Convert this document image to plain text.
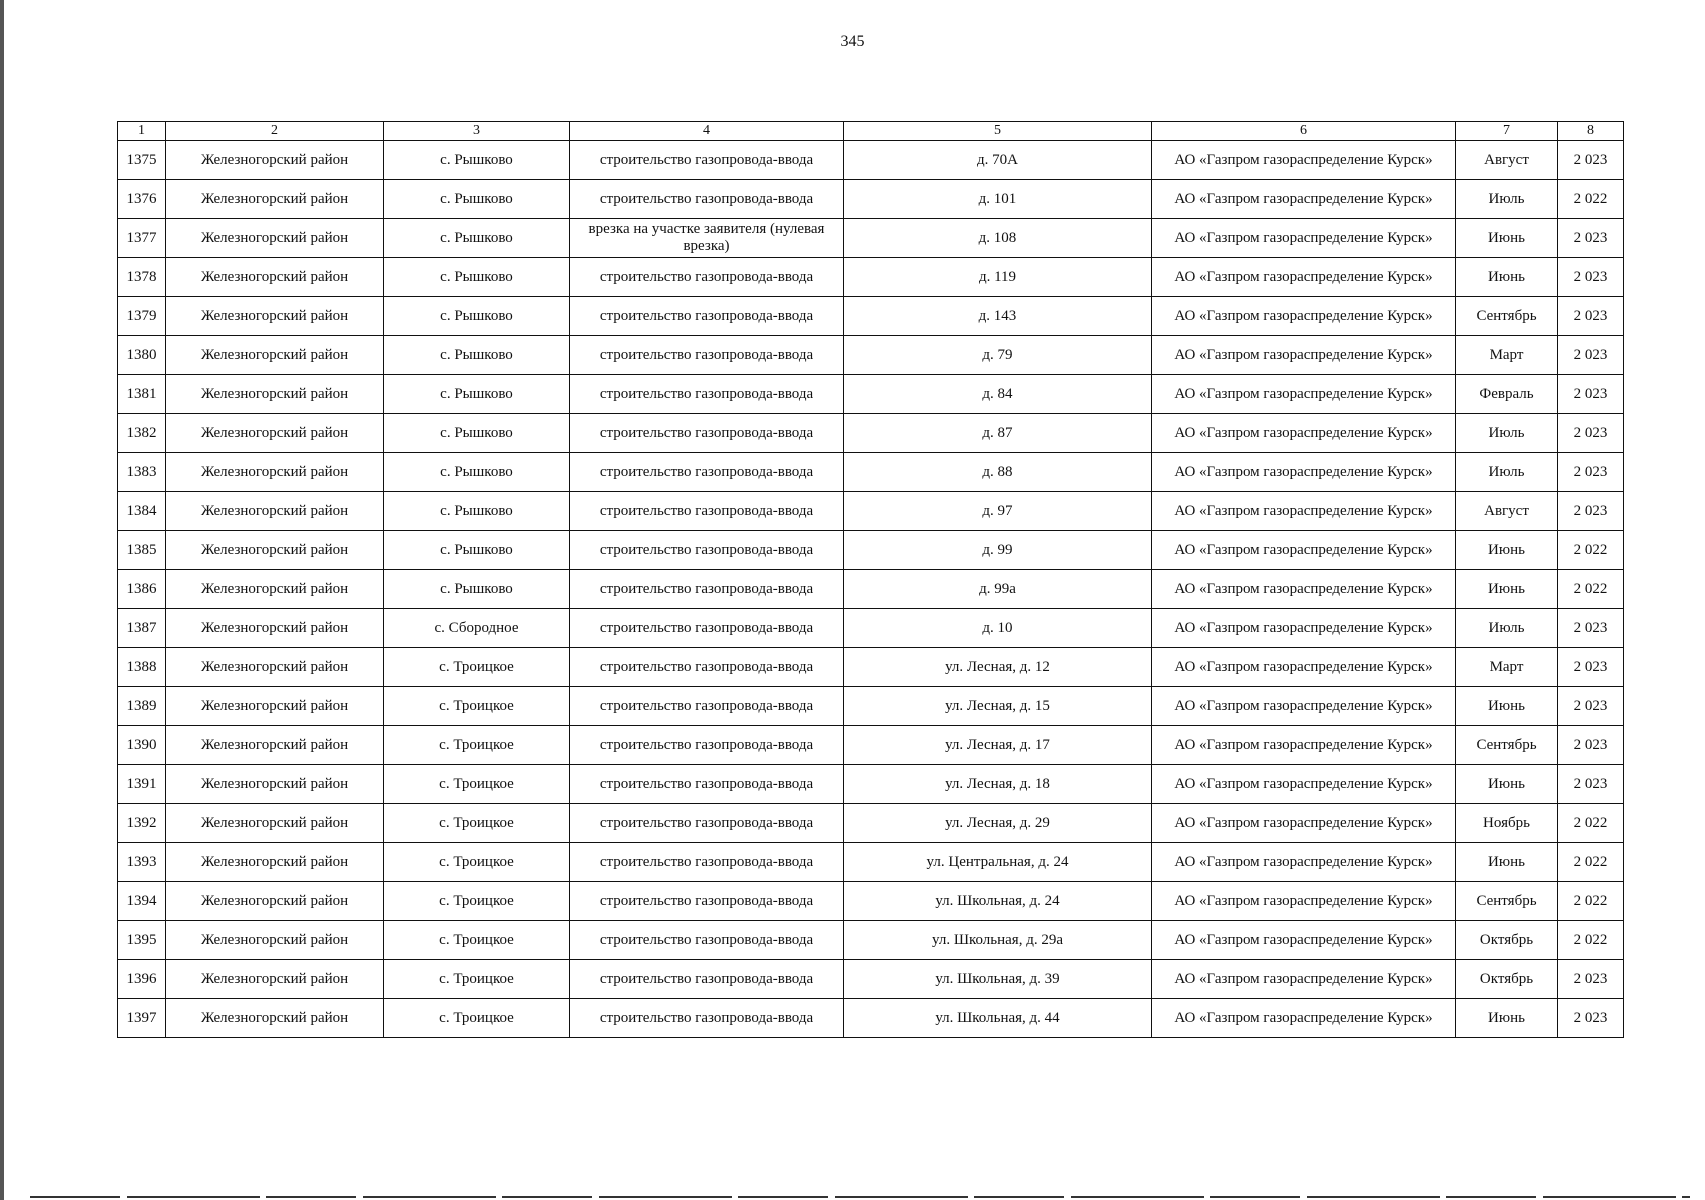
345
1	2	3	4	5	6	7	8
1375	Железногорский район	с. Рышково	строительство газопровода-ввода	д. 70А	АО «Газпром газораспределение Курск»	Август	2 023
1376	Железногорский район	с. Рышково	строительство газопровода-ввода	д. 101	АО «Газпром газораспределение Курск»	Июль	2 022
1377	Железногорский район	с. Рышково	врезка на участке заявителя (нулевая врезка)	д. 108	АО «Газпром газораспределение Курск»	Июнь	2 023
1378	Железногорский район	с. Рышково	строительство газопровода-ввода	д. 119	АО «Газпром газораспределение Курск»	Июнь	2 023
1379	Железногорский район	с. Рышково	строительство газопровода-ввода	д. 143	АО «Газпром газораспределение Курск»	Сентябрь	2 023
1380	Железногорский район	с. Рышково	строительство газопровода-ввода	д. 79	АО «Газпром газораспределение Курск»	Март	2 023
1381	Железногорский район	с. Рышково	строительство газопровода-ввода	д. 84	АО «Газпром газораспределение Курск»	Февраль	2 023
1382	Железногорский район	с. Рышково	строительство газопровода-ввода	д. 87	АО «Газпром газораспределение Курск»	Июль	2 023
1383	Железногорский район	с. Рышково	строительство газопровода-ввода	д. 88	АО «Газпром газораспределение Курск»	Июль	2 023
1384	Железногорский район	с. Рышково	строительство газопровода-ввода	д. 97	АО «Газпром газораспределение Курск»	Август	2 023
1385	Железногорский район	с. Рышково	строительство газопровода-ввода	д. 99	АО «Газпром газораспределение Курск»	Июнь	2 022
1386	Железногорский район	с. Рышково	строительство газопровода-ввода	д. 99а	АО «Газпром газораспределение Курск»	Июнь	2 022
1387	Железногорский район	с. Сбородное	строительство газопровода-ввода	д. 10	АО «Газпром газораспределение Курск»	Июль	2 023
1388	Железногорский район	с. Троицкое	строительство газопровода-ввода	ул. Лесная, д. 12	АО «Газпром газораспределение Курск»	Март	2 023
1389	Железногорский район	с. Троицкое	строительство газопровода-ввода	ул. Лесная, д. 15	АО «Газпром газораспределение Курск»	Июнь	2 023
1390	Железногорский район	с. Троицкое	строительство газопровода-ввода	ул. Лесная, д. 17	АО «Газпром газораспределение Курск»	Сентябрь	2 023
1391	Железногорский район	с. Троицкое	строительство газопровода-ввода	ул. Лесная, д. 18	АО «Газпром газораспределение Курск»	Июнь	2 023
1392	Железногорский район	с. Троицкое	строительство газопровода-ввода	ул. Лесная, д. 29	АО «Газпром газораспределение Курск»	Ноябрь	2 022
1393	Железногорский район	с. Троицкое	строительство газопровода-ввода	ул. Центральная, д. 24	АО «Газпром газораспределение Курск»	Июнь	2 022
1394	Железногорский район	с. Троицкое	строительство газопровода-ввода	ул. Школьная, д. 24	АО «Газпром газораспределение Курск»	Сентябрь	2 022
1395	Железногорский район	с. Троицкое	строительство газопровода-ввода	ул. Школьная, д. 29а	АО «Газпром газораспределение Курск»	Октябрь	2 022
1396	Железногорский район	с. Троицкое	строительство газопровода-ввода	ул. Школьная, д. 39	АО «Газпром газораспределение Курск»	Октябрь	2 023
1397	Железногорский район	с. Троицкое	строительство газопровода-ввода	ул. Школьная, д. 44	АО «Газпром газораспределение Курск»	Июнь	2 023
